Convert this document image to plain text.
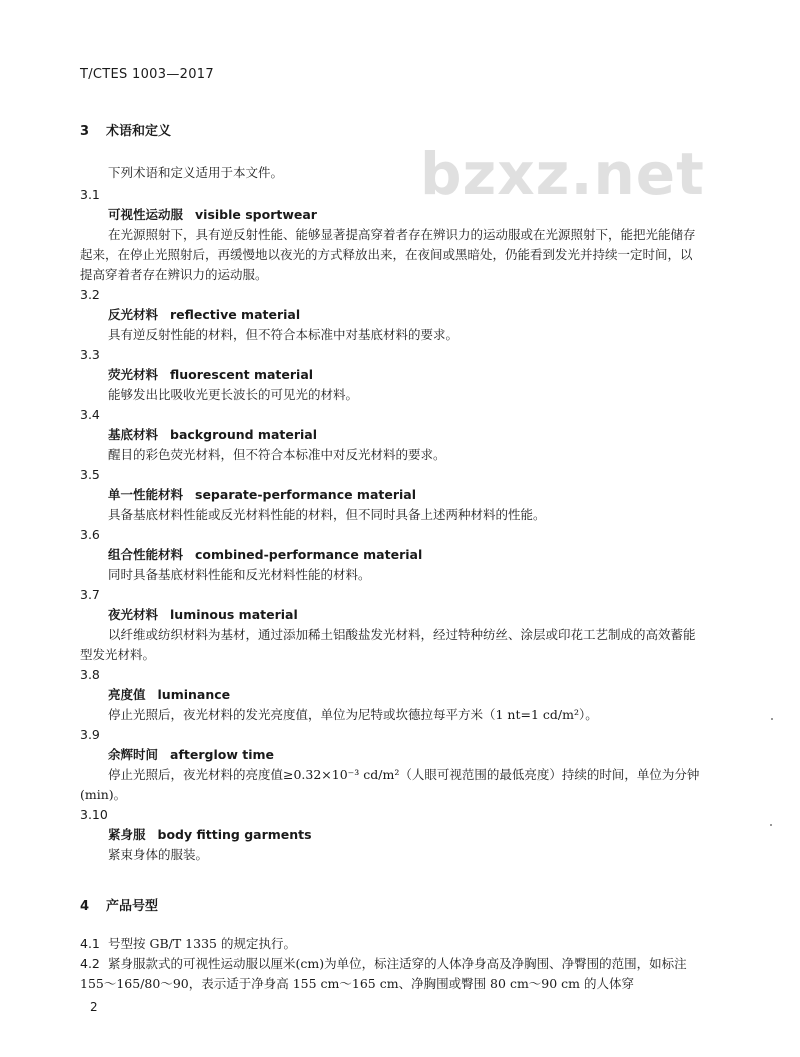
T/CTES 1003—2017
bzxz.net
3 术语和定义
下列术语和定义适用于本文件。
3.1
可视性运动服 visible sportwear
在光源照射下，具有逆反射性能、能够显著提高穿着者存在辨识力的运动服或在光源照射下，能把光能储存起来，在停止光照射后，再缓慢地以夜光的方式释放出来，在夜间或黑暗处，仍能看到发光并持续一定时间，以提高穿着者存在辨识力的运动服。
3.2
反光材料 reflective material
具有逆反射性能的材料，但不符合本标准中对基底材料的要求。
3.3
荧光材料 fluorescent material
能够发出比吸收光更长波长的可见光的材料。
3.4
基底材料 background material
醒目的彩色荧光材料，但不符合本标准中对反光材料的要求。
3.5
单一性能材料 separate-performance material
具备基底材料性能或反光材料性能的材料，但不同时具备上述两种材料的性能。
3.6
组合性能材料 combined-performance material
同时具备基底材料性能和反光材料性能的材料。
3.7
夜光材料 luminous material
以纤维或纺织材料为基材，通过添加稀土铝酸盐发光材料，经过特种纺丝、涂层或印花工艺制成的高效蓄能型发光材料。
3.8
亮度值 luminance
停止光照后，夜光材料的发光亮度值，单位为尼特或坎德拉每平方米（1 nt=1 cd/m²）。
3.9
余辉时间 afterglow time
停止光照后，夜光材料的亮度值≥0.32×10⁻³ cd/m²（人眼可视范围的最低亮度）持续的时间，单位为分钟(min)。
3.10
紧身服 body fitting garments
紧束身体的服装。
4 产品号型
4.1 号型按 GB/T 1335 的规定执行。
4.2 紧身服款式的可视性运动服以厘米(cm)为单位，标注适穿的人体净身高及净胸围、净臀围的范围，如标注 155～165/80～90，表示适于净身高 155 cm～165 cm、净胸围或臀围 80 cm～90 cm 的人体穿
2
